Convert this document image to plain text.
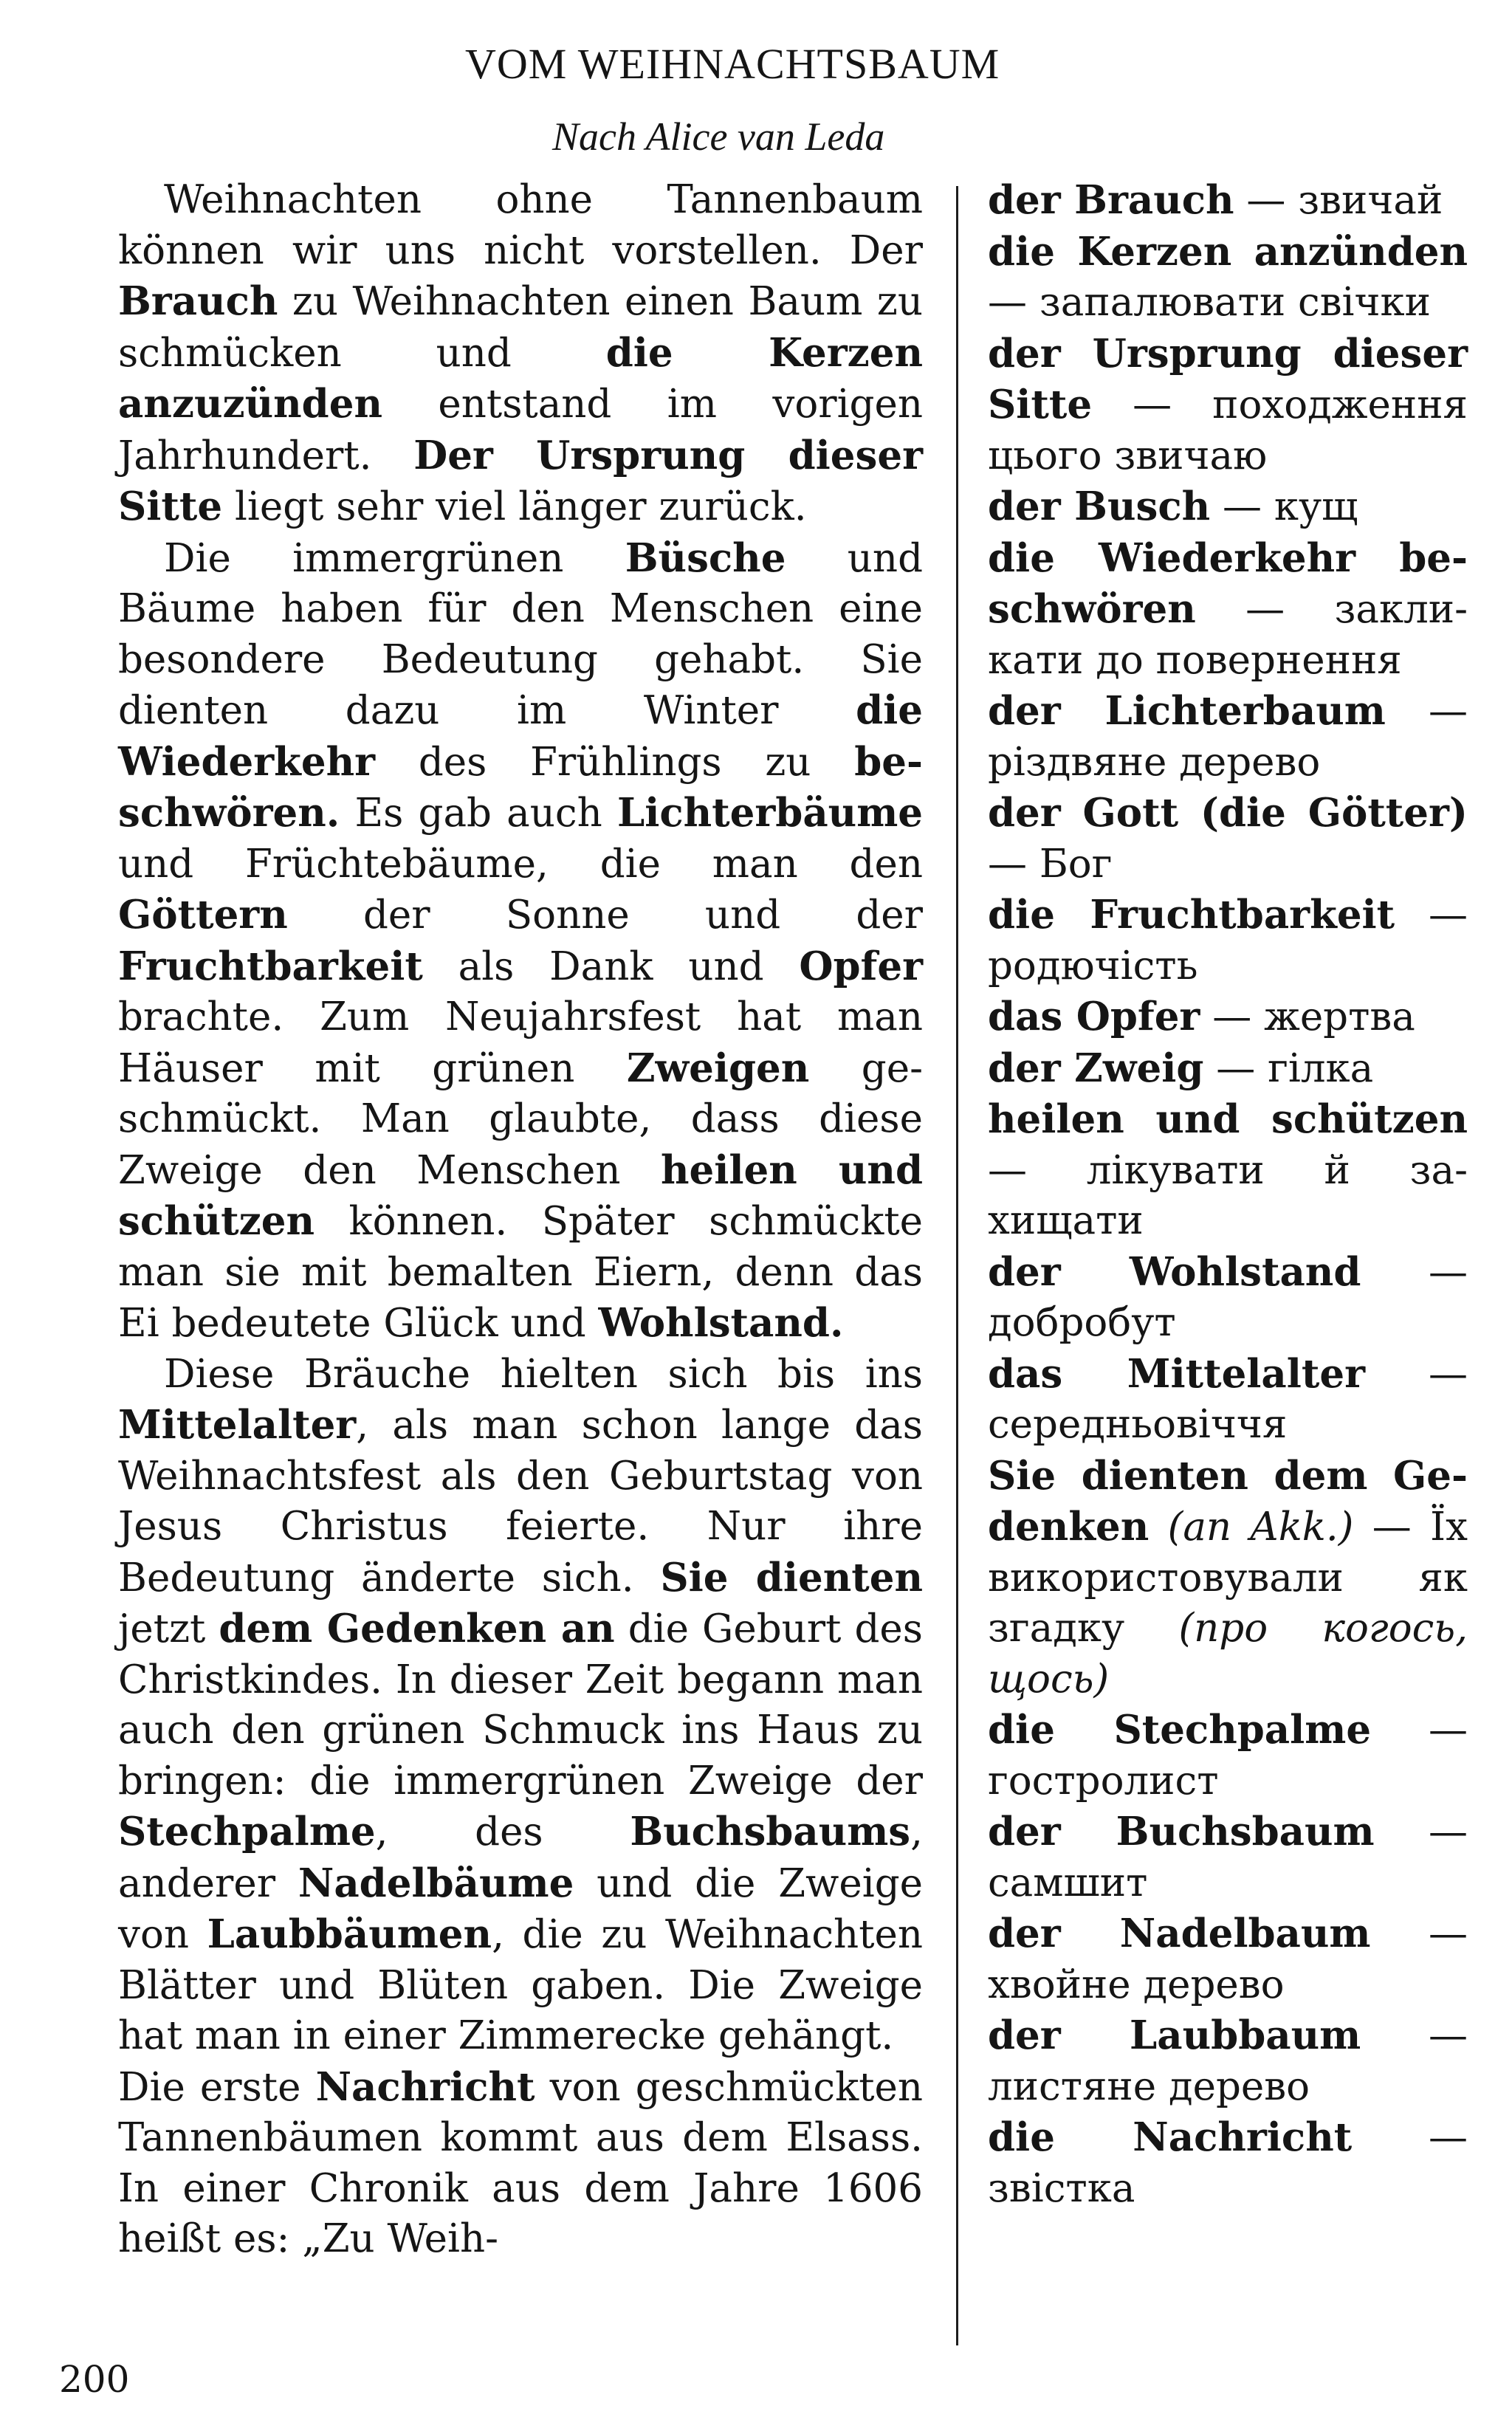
VOM WEIHNACHTSBAUM
Nach Alice van Leda

Weihnachten ohne Tannenbaum können wir uns nicht vorstellen. Der Brauch zu Weihnachten einen Baum zu schmücken und die Kerzen anzuzünden entstand im vorigen Jahrhundert. Der Ursprung dieser Sitte liegt sehr viel länger zurück.

Die immergrünen Büsche und Bäume haben für den Menschen eine besondere Bedeutung gehabt. Sie dienten dazu im Winter die Wiederkehr des Frühlings zu beschwören. Es gab auch Lichterbäume und Früchtebäume, die man den Göttern der Sonne und der Fruchtbarkeit als Dank und Opfer brachte. Zum Neujahrsfest hat man Häuser mit grünen Zweigen geschmückt. Man glaubte, dass diese Zweige den Menschen heilen und schützen können. Später schmückte man sie mit bemalten Eiern, denn das Ei bedeutete Glück und Wohlstand.

Diese Bräuche hielten sich bis ins Mittelalter, als man schon lange das Weihnachtsfest als den Geburtstag von Jesus Christus feierte. Nur ihre Bedeutung änderte sich. Sie dienten jetzt dem Gedenken an die Geburt des Christkindes. In dieser Zeit begann man auch den grünen Schmuck ins Haus zu bringen: die immergrünen Zweige der Stechpalme, des Buchsbaums, anderer Nadelbäume und die Zweige von Laubbäumen, die zu Weihnachten Blätter und Blüten gaben. Die Zweige hat man in einer Zimmerecke gehängt.

Die erste Nachricht von geschmückten Tannenbäumen kommt aus dem Elsass. In einer Chronik aus dem Jahre 1606 heißt es: „Zu Weih-

der Brauch — звичай
die Kerzen anzünden — запалювати свічки
der Ursprung dieser Sitte — походження цього звичаю
der Busch — кущ
die Wiederkehr beschwören — закликати до повернення
der Lichterbaum — різдвяне дерево
der Gott (die Götter) — Бог
die Fruchtbarkeit — родючість
das Opfer — жертва
der Zweig — гілка
heilen und schützen — лікувати й захищати
der Wohlstand — добробут
das Mittelalter — середньовіччя
Sie dienten dem Gedenken (an Akk.) — Їх використовували як згадку (про когось, щось)
die Stechpalme — гостролист
der Buchsbaum — самшит
der Nadelbaum — хвойне дерево
der Laubbaum — листяне дерево
die Nachricht — звістка
200
